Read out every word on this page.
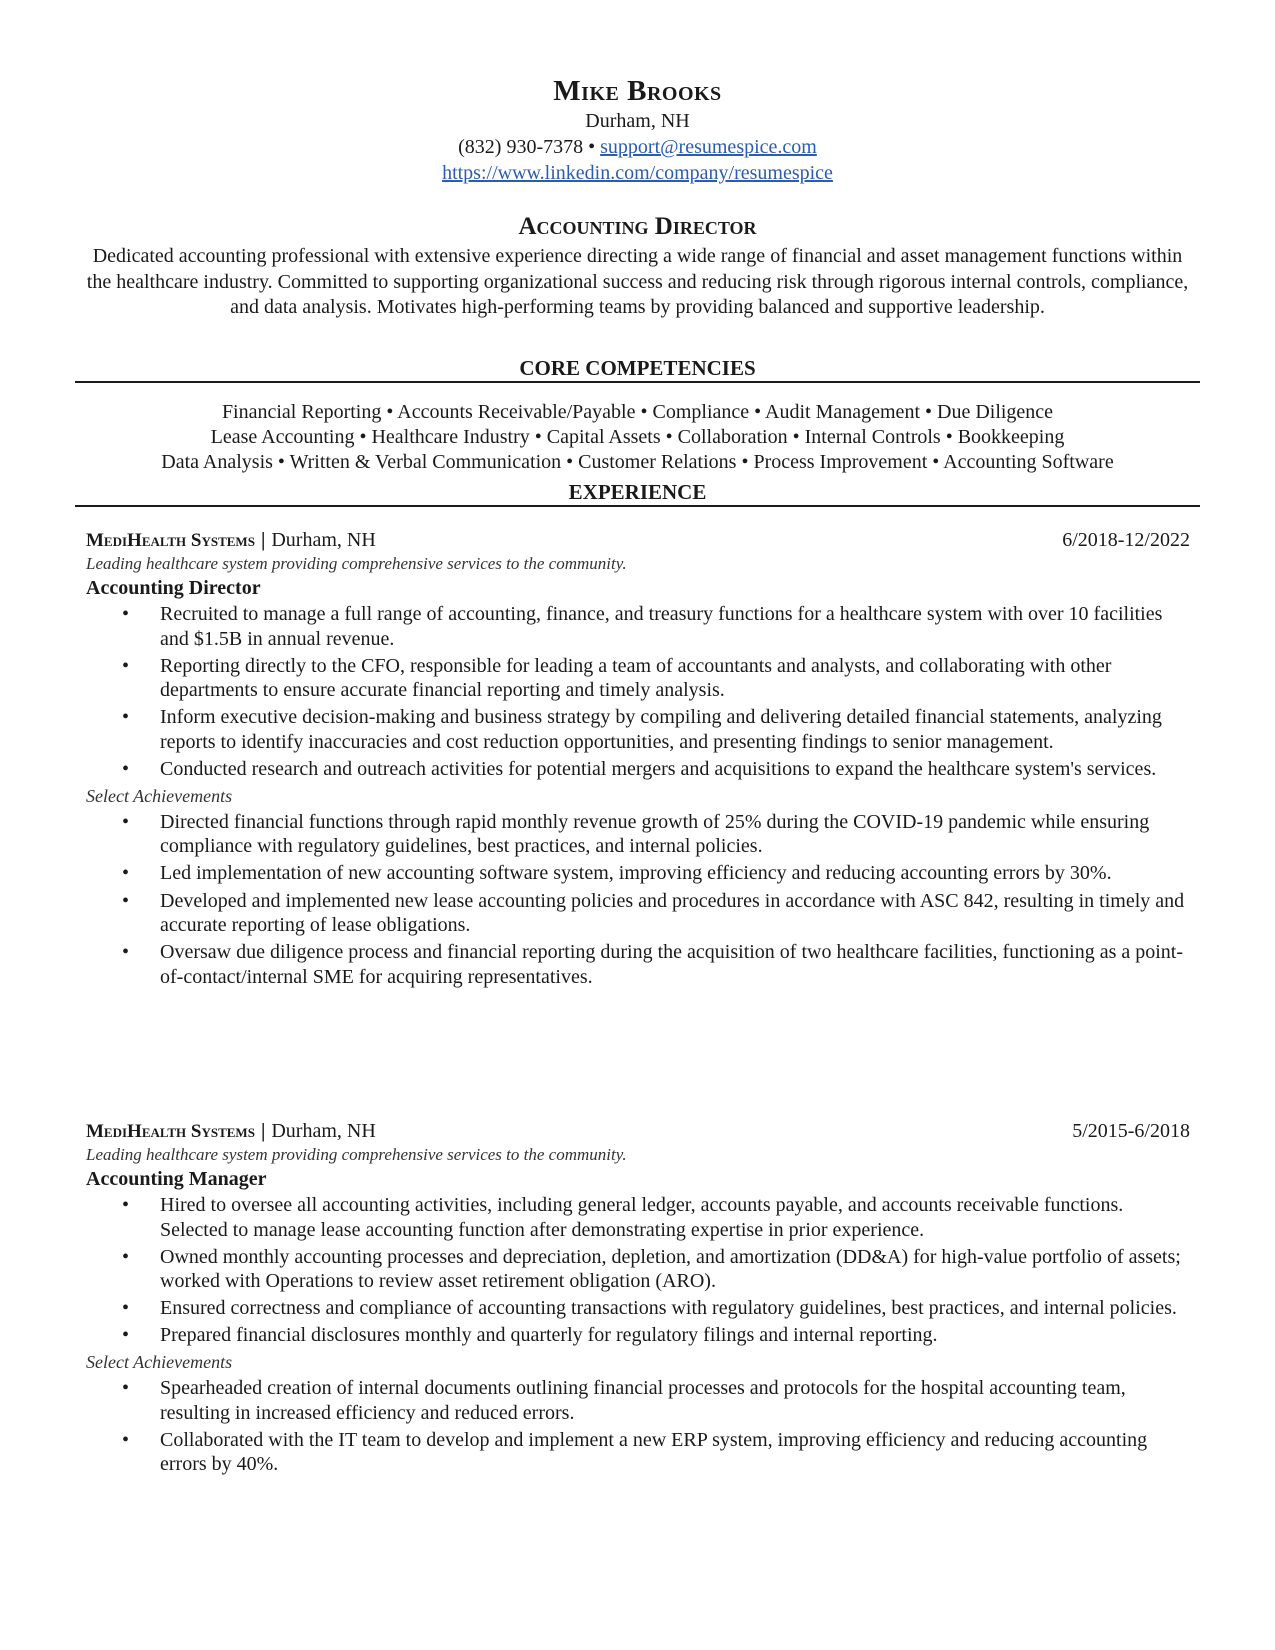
Mike Brooks
Durham, NH
(832) 930-7378 • support@resumespice.com
https://www.linkedin.com/company/resumespice
Accounting Director
Dedicated accounting professional with extensive experience directing a wide range of financial and asset management functions within the healthcare industry. Committed to supporting organizational success and reducing risk through rigorous internal controls, compliance, and data analysis. Motivates high-performing teams by providing balanced and supportive leadership.
CORE COMPETENCIES
Financial Reporting • Accounts Receivable/Payable • Compliance • Audit Management • Due Diligence
Lease Accounting • Healthcare Industry • Capital Assets • Collaboration • Internal Controls • Bookkeeping
Data Analysis • Written & Verbal Communication • Customer Relations • Process Improvement • Accounting Software
EXPERIENCE
MediHealth Systems | Durham, NH	6/2018-12/2022
Leading healthcare system providing comprehensive services to the community.
Accounting Director
• Recruited to manage a full range of accounting, finance, and treasury functions for a healthcare system with over 10 facilities and $1.5B in annual revenue.
• Reporting directly to the CFO, responsible for leading a team of accountants and analysts, and collaborating with other departments to ensure accurate financial reporting and timely analysis.
• Inform executive decision-making and business strategy by compiling and delivering detailed financial statements, analyzing reports to identify inaccuracies and cost reduction opportunities, and presenting findings to senior management.
• Conducted research and outreach activities for potential mergers and acquisitions to expand the healthcare system's services.
Select Achievements
• Directed financial functions through rapid monthly revenue growth of 25% during the COVID-19 pandemic while ensuring compliance with regulatory guidelines, best practices, and internal policies.
• Led implementation of new accounting software system, improving efficiency and reducing accounting errors by 30%.
• Developed and implemented new lease accounting policies and procedures in accordance with ASC 842, resulting in timely and accurate reporting of lease obligations.
• Oversaw due diligence process and financial reporting during the acquisition of two healthcare facilities, functioning as a point-of-contact/internal SME for acquiring representatives.
MediHealth Systems | Durham, NH	5/2015-6/2018
Leading healthcare system providing comprehensive services to the community.
Accounting Manager
• Hired to oversee all accounting activities, including general ledger, accounts payable, and accounts receivable functions. Selected to manage lease accounting function after demonstrating expertise in prior experience.
• Owned monthly accounting processes and depreciation, depletion, and amortization (DD&A) for high-value portfolio of assets; worked with Operations to review asset retirement obligation (ARO).
• Ensured correctness and compliance of accounting transactions with regulatory guidelines, best practices, and internal policies.
• Prepared financial disclosures monthly and quarterly for regulatory filings and internal reporting.
Select Achievements
• Spearheaded creation of internal documents outlining financial processes and protocols for the hospital accounting team, resulting in increased efficiency and reduced errors.
• Collaborated with the IT team to develop and implement a new ERP system, improving efficiency and reducing accounting errors by 40%.
